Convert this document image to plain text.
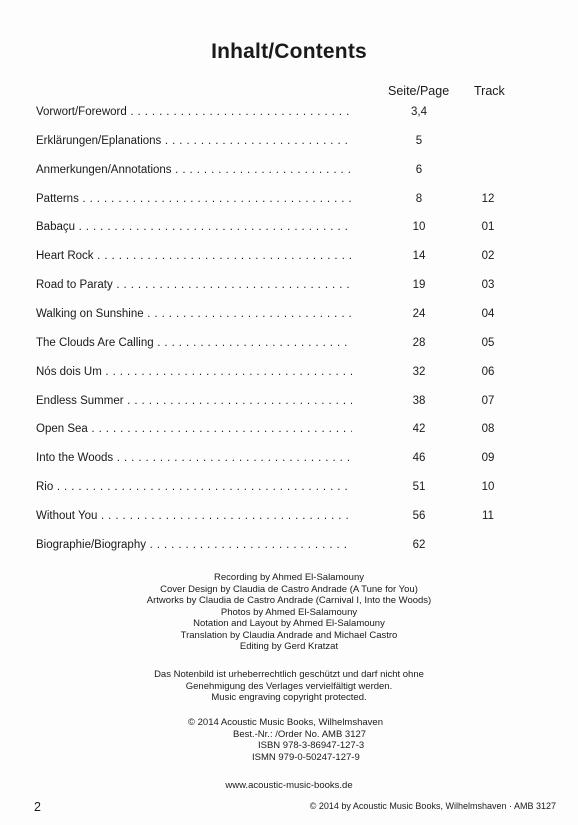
Inhalt/Contents
Seite/Page Track
Vorwort/Foreword . . .	3,4
Erklärungen/Eplanations . . .	5
Anmerkungen/Annotations . . .	6
Patterns . . .	8	12
Babaçu . . .	10	01
Heart Rock . . .	14	02
Road to Paraty . . .	19	03
Walking on Sunshine . . .	24	04
The Clouds Are Calling . . .	28	05
Nós dois Um . . .	32	06
Endless Summer . . .	38	07
Open Sea . . .	42	08
Into the Woods . . .	46	09
Rio . . .	51	10
Without You . . .	56	11
Biographie/Biography . . .	62
Recording by Ahmed El-Salamouny
Cover Design by Claudia de Castro Andrade (A Tune for You)
Artworks by Claudia de Castro Andrade (Carnival I, Into the Woods)
Photos by Ahmed El-Salamouny
Notation and Layout by Ahmed El-Salamouny
Translation by Claudia Andrade and Michael Castro
Editing by Gerd Kratzat
Das Notenbild ist urheberrechtlich geschützt und darf nicht ohne
Genehmigung des Verlages vervielfältigt werden.
Music engraving copyright protected.
© 2014 Acoustic Music Books, Wilhelmshaven
Best.-Nr.: /Order No. AMB 3127
ISBN 978-3-86947-127-3
ISMN 979-0-50247-127-9
www.acoustic-music-books.de
2	© 2014 by Acoustic Music Books, Wilhelmshaven · AMB 3127
